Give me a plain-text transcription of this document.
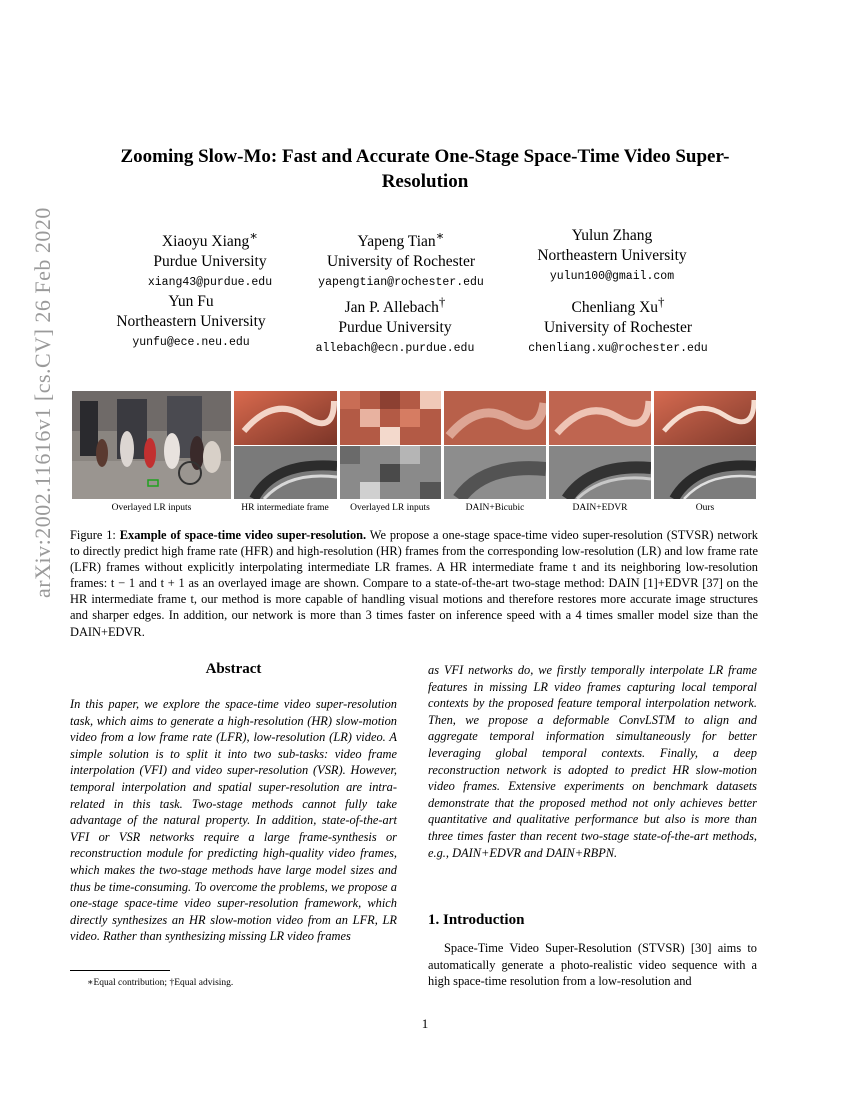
arXiv:2002.11616v1 [cs.CV] 26 Feb 2020
Zooming Slow-Mo: Fast and Accurate One-Stage Space-Time Video Super-Resolution
Xiaoyu Xiang∗
Purdue University
xiang43@purdue.edu
Yapeng Tian∗
University of Rochester
yapengtian@rochester.edu
Yulun Zhang
Northeastern University
yulun100@gmail.com
Yun Fu
Northeastern University
yunfu@ece.neu.edu
Jan P. Allebach†
Purdue University
allebach@ecn.purdue.edu
Chenliang Xu†
University of Rochester
chenliang.xu@rochester.edu
Overlayed LR inputs	HR intermediate frame	Overlayed LR inputs	DAIN+Bicubic	DAIN+EDVR	Ours
Figure 1: Example of space-time video super-resolution. We propose a one-stage space-time video super-resolution (STVSR) network to directly predict high frame rate (HFR) and high-resolution (HR) frames from the corresponding low-resolution (LR) and low frame rate (LFR) frames without explicitly interpolating intermediate LR frames. A HR intermediate frame t and its neighboring low-resolution frames: t − 1 and t + 1 as an overlayed image are shown. Compare to a state-of-the-art two-stage method: DAIN [1]+EDVR [37] on the HR intermediate frame t, our method is more capable of handling visual motions and therefore restores more accurate image structures and sharper edges. In addition, our network is more than 3 times faster on inference speed with a 4 times smaller model size than the DAIN+EDVR.
Abstract
In this paper, we explore the space-time video super-resolution task, which aims to generate a high-resolution (HR) slow-motion video from a low frame rate (LFR), low-resolution (LR) video. A simple solution is to split it into two sub-tasks: video frame interpolation (VFI) and video super-resolution (VSR). However, temporal interpolation and spatial super-resolution are intra-related in this task. Two-stage methods cannot fully take advantage of the natural property. In addition, state-of-the-art VFI or VSR networks require a large frame-synthesis or reconstruction module for predicting high-quality video frames, which makes the two-stage methods have large model sizes and thus be time-consuming. To overcome the problems, we propose a one-stage space-time video super-resolution framework, which directly synthesizes an HR slow-motion video from an LFR, LR video. Rather than synthesizing missing LR video frames
as VFI networks do, we firstly temporally interpolate LR frame features in missing LR video frames capturing local temporal contexts by the proposed feature temporal interpolation network. Then, we propose a deformable ConvLSTM to align and aggregate temporal information simultaneously for better leveraging global temporal contexts. Finally, a deep reconstruction network is adopted to predict HR slow-motion video frames. Extensive experiments on benchmark datasets demonstrate that the proposed method not only achieves better quantitative and qualitative performance but also is more than three times faster than recent two-stage state-of-the-art methods, e.g., DAIN+EDVR and DAIN+RBPN.
1. Introduction
Space-Time Video Super-Resolution (STVSR) [30] aims to automatically generate a photo-realistic video sequence with a high space-time resolution from a low-resolution and
∗Equal contribution; †Equal advising.
1
